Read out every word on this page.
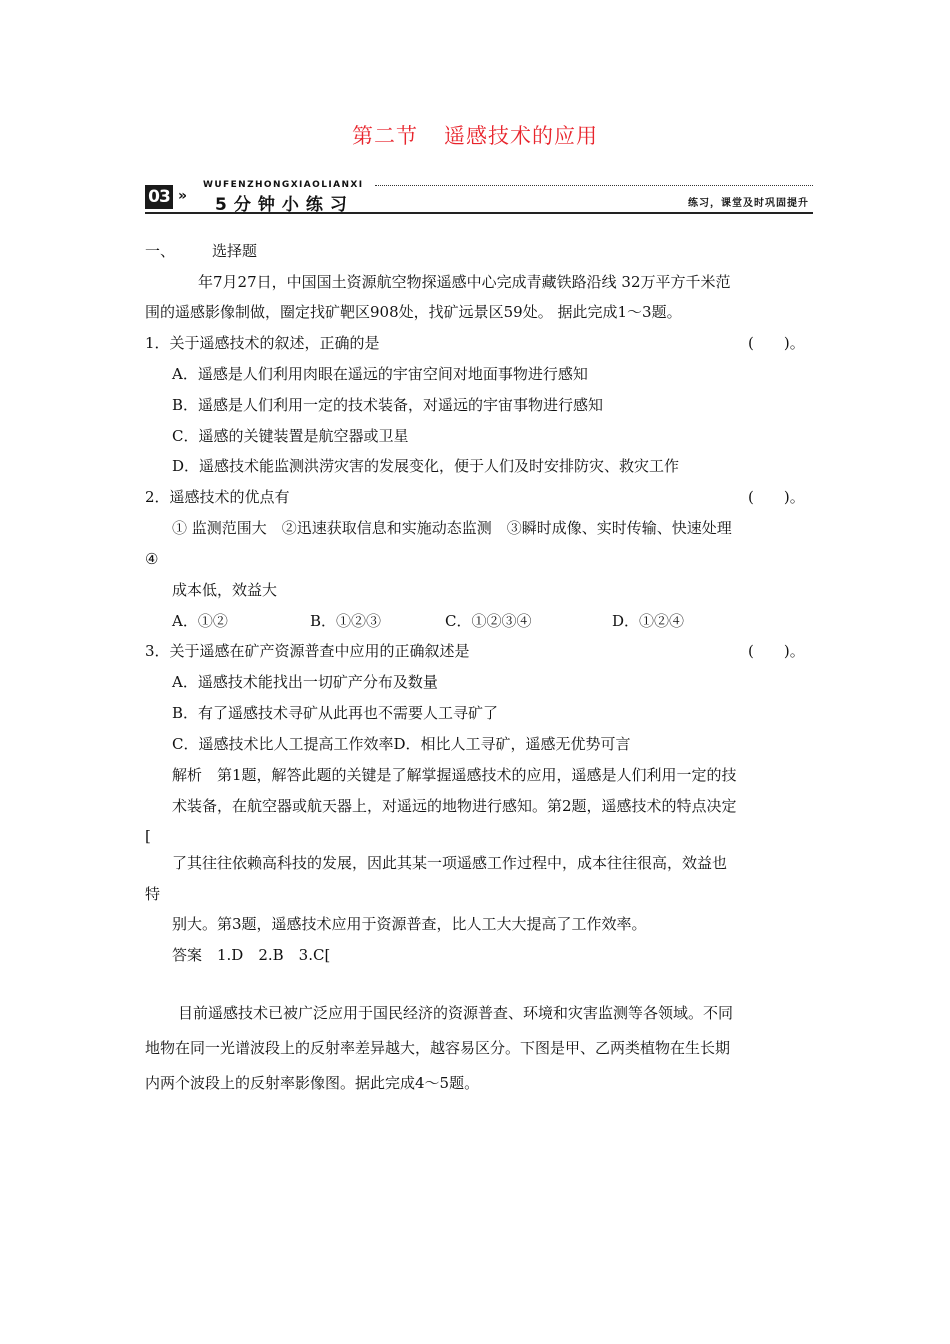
第二节 遥感技术的应用
03 »
WUFENZHONGXIAOLIANXI
5分钟小练习	练习，课堂及时巩固提升
一、 选择题
年7月27日，中国国土资源航空物探遥感中心完成青藏铁路沿线 32万平方千米范
围的遥感影像制做，圈定找矿靶区908处，找矿远景区59处。 据此完成1～3题。
1．关于遥感技术的叙述，正确的是	(　　)。
A．遥感是人们利用肉眼在遥远的宇宙空间对地面事物进行感知
B．遥感是人们利用一定的技术装备，对遥远的宇宙事物进行感知
C．遥感的关键装置是航空器或卫星
D．遥感技术能监测洪涝灾害的发展变化，便于人们及时安排防灾、救灾工作
2．遥感技术的优点有	(　　)。
① 监测范围大　②迅速获取信息和实施动态监测　③瞬时成像、实时传输、快速处理
④
成本低，效益大
A．①②	B．①②③	C．①②③④	D．①②④
3．关于遥感在矿产资源普查中应用的正确叙述是	(　　)。
A．遥感技术能找出一切矿产分布及数量
B．有了遥感技术寻矿从此再也不需要人工寻矿了
C．遥感技术比人工提高工作效率D．相比人工寻矿，遥感无优势可言
解析　第1题，解答此题的关键是了解掌握遥感技术的应用，遥感是人们利用一定的技
术装备，在航空器或航天器上，对遥远的地物进行感知。第2题，遥感技术的特点决定
[
了其往往依赖高科技的发展，因此其某一项遥感工作过程中，成本往往很高，效益也
特
别大。第3题，遥感技术应用于资源普查，比人工大大提高了工作效率。
答案　1.D　2.B　3.C[
目前遥感技术已被广泛应用于国民经济的资源普查、环境和灾害监测等各领域。不同
地物在同一光谱波段上的反射率差异越大，越容易区分。下图是甲、乙两类植物在生长期
内两个波段上的反射率影像图。据此完成4～5题。
